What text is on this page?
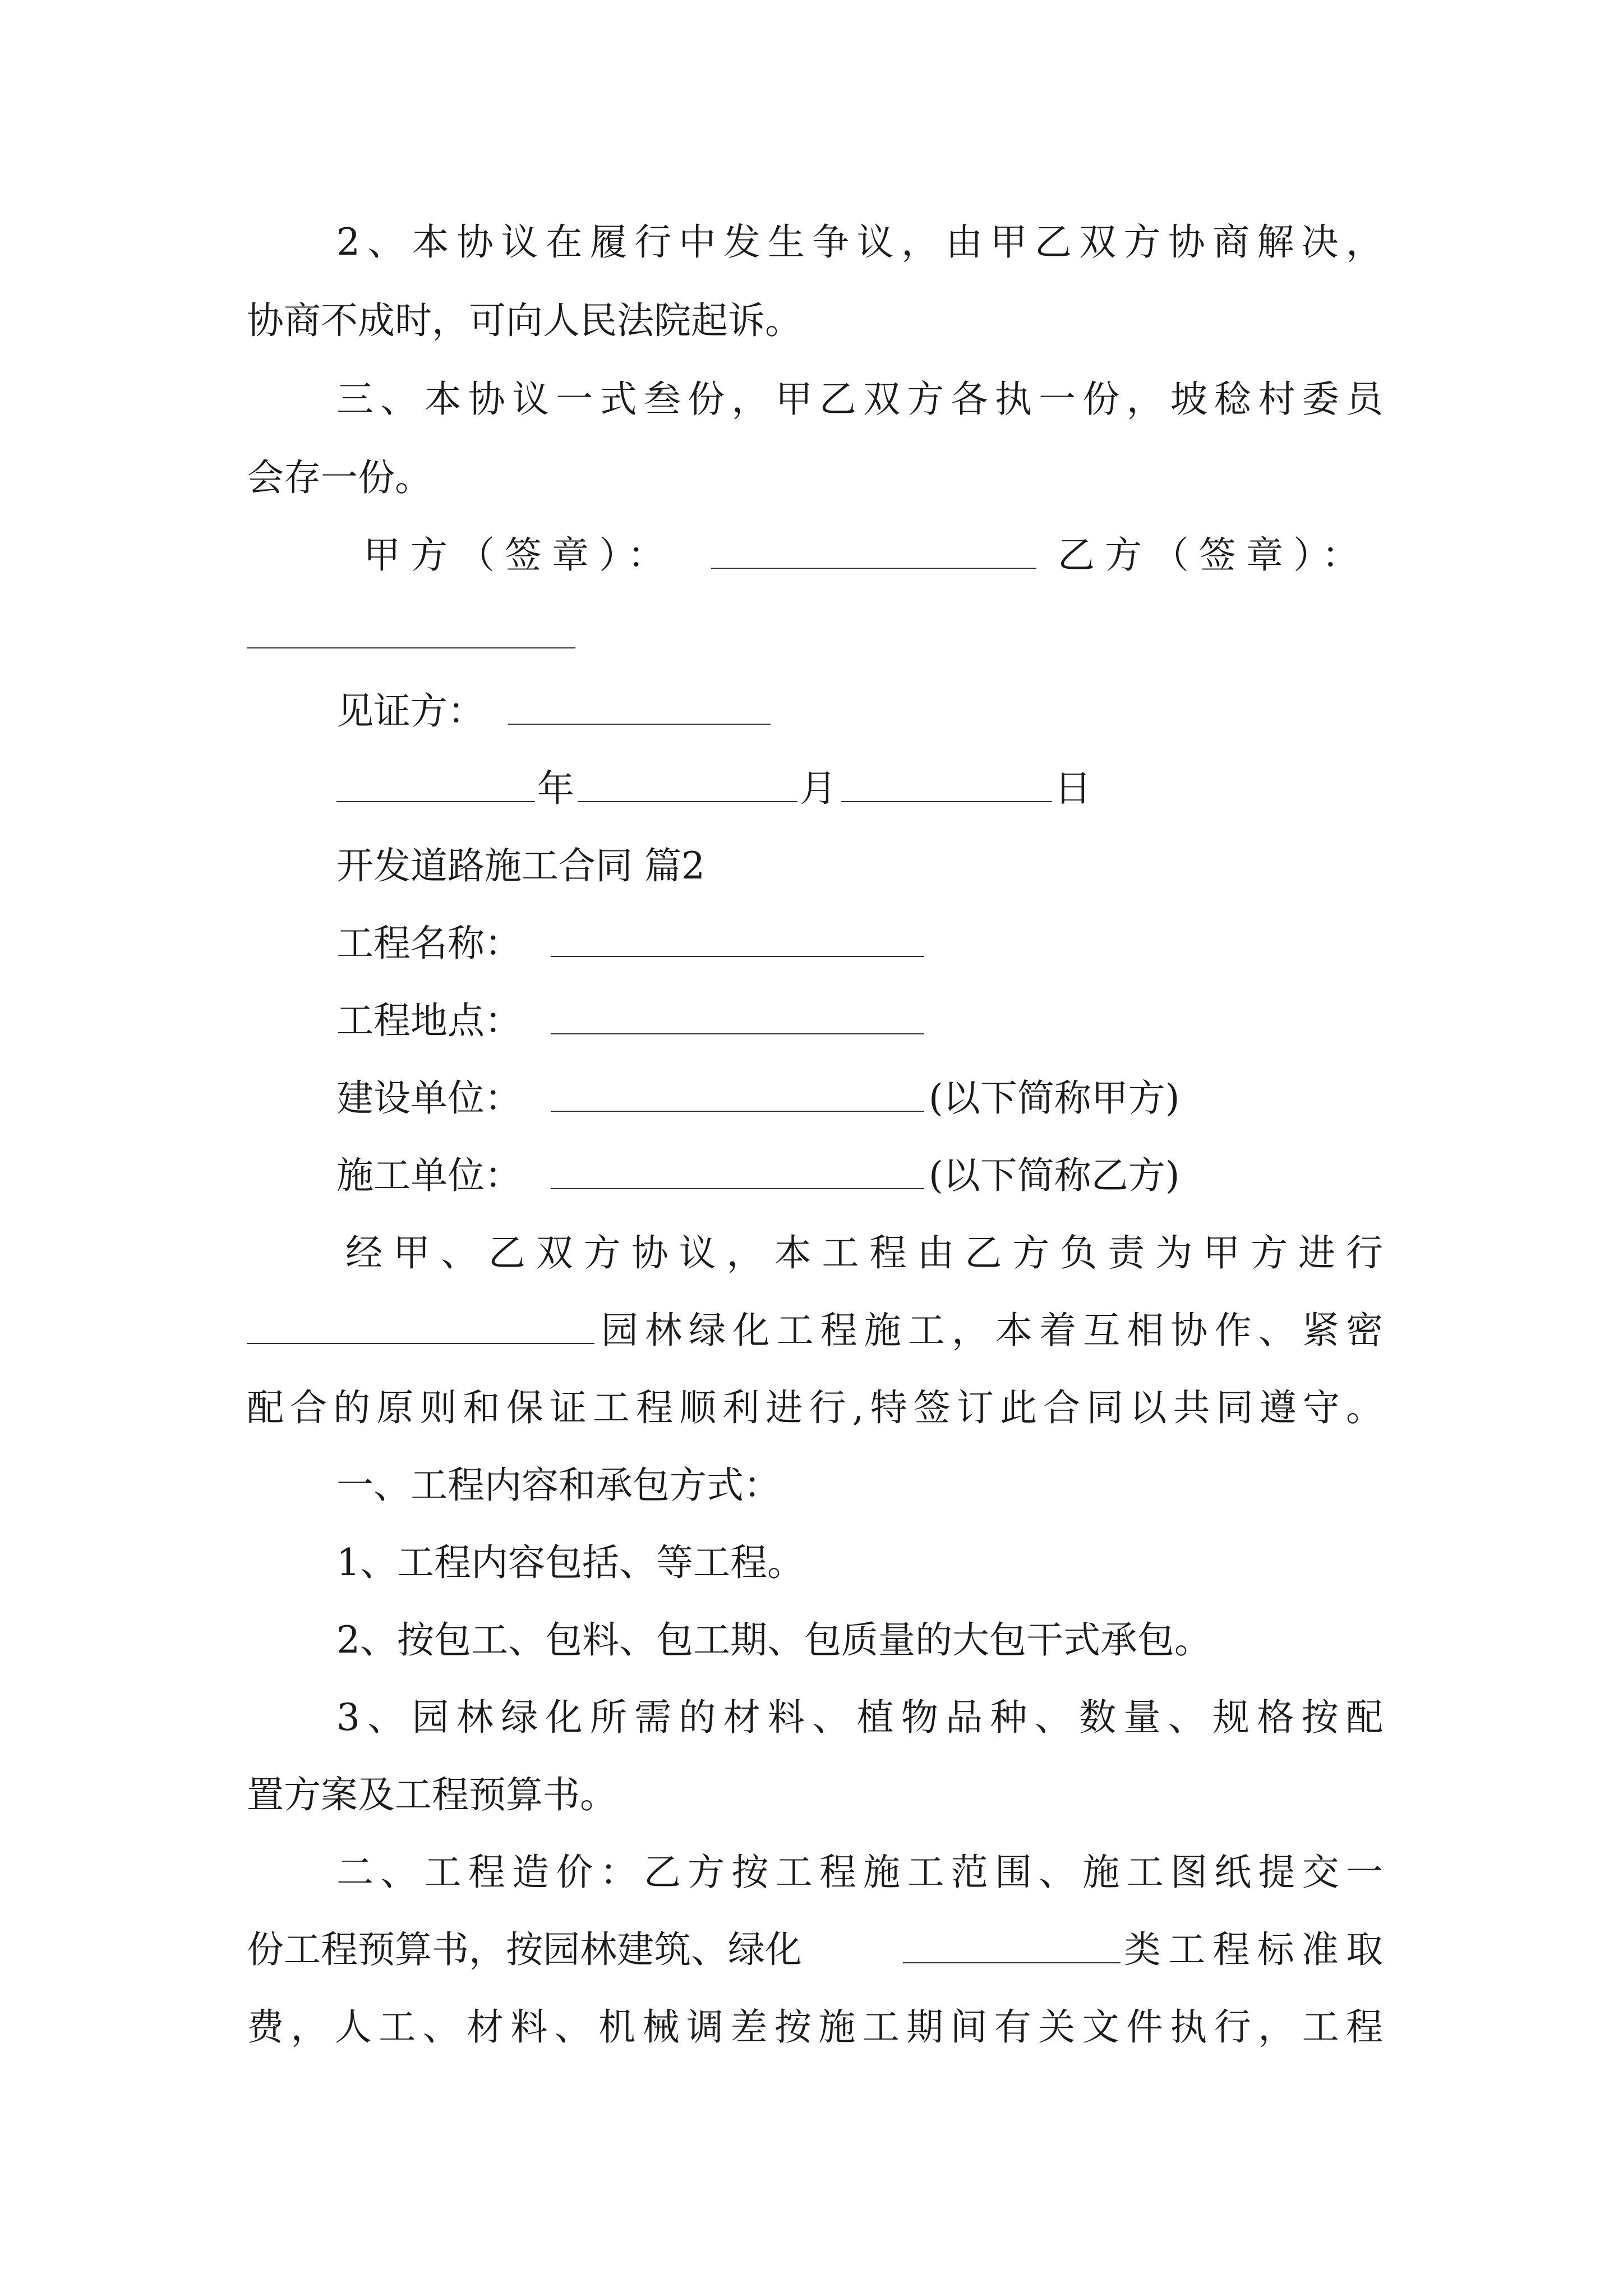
2、本协议在履行中发生争议，由甲乙双方协商解决，
协商不成时，可向人民法院起诉。
三、本协议一式叁份，甲乙双方各执一份，坡稔村委员
会存一份。
甲方（签章）：	乙方（签章）：
见证方：
年	月	日
开发道路施工合同 篇2
工程名称：
工程地点：
建设单位：	(以下简称甲方)
施工单位：	(以下简称乙方)
经甲、乙双方协议，本工程由乙方负责为甲方进行
园林绿化工程施工，本着互相协作、紧密
配合的原则和保证工程顺利进行,特签订此合同以共同遵守。
一、工程内容和承包方式：
1、工程内容包括、等工程。
2、按包工、包料、包工期、包质量的大包干式承包。
3、园林绿化所需的材料、植物品种、数量、规格按配
置方案及工程预算书。
二、工程造价：乙方按工程施工范围、施工图纸提交一
份工程预算书，按园林建筑、绿化	类工程标准取
费，人工、材料、机械调差按施工期间有关文件执行，工程
